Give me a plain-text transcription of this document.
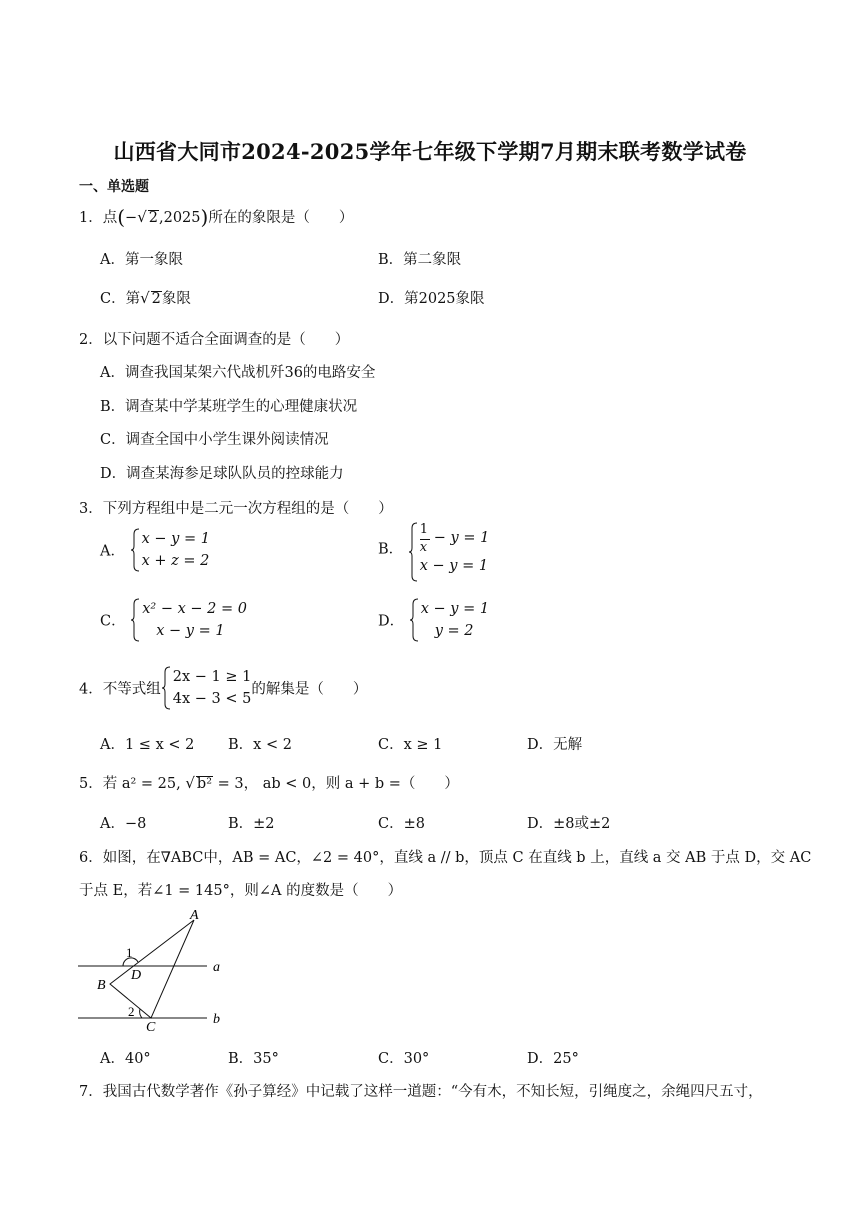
山西省大同市2024-2025学年七年级下学期7月期末联考数学试卷
一、单选题
1．点(−√ 2,2025)所在的象限是（　　）
A．第一象限	B．第二象限
C．第√ 2象限	D．第2025象限
2．以下问题不适合全面调查的是（　　）
A．调查我国某架六代战机歼36的电路安全
B．调查某中学某班学生的心理健康状况
C．调查全国中小学生课外阅读情况
D．调查某海参足球队队员的控球能力
3．下列方程组中是二元一次方程组的是（　　）
A．
x − y = 1
x + z = 2
B．
1
x
− y = 1
x − y = 1
C．
x² − x − 2 = 0
x − y = 1
D．
x − y = 1
y = 2
4．不等式组
2x − 1 ≥ 1
4x − 3 < 5
的解集是（　　）
A．1 ≤ x < 2 B．x < 2	C．x ≥ 1	D．无解
5．若 a² = 25, √ b² = 3， ab < 0，则 a + b =（　　）
A．−8	B．±2	C．±8	D．±8或±2
6．如图，在∇ABC中，AB = AC，∠2 = 40°，直线 a // b，顶点 C 在直线 b 上，直线 a 交 AB 于点 D，交 AC
于点 E，若∠1 = 145°，则∠A 的度数是（　　）
A
B
C
D
a
b
1
2
A．40°	B．35°	C．30°	D．25°
7．我国古代数学著作《孙子算经》中记载了这样一道题：“今有木，不知长短，引绳度之，余绳四尺五寸，
